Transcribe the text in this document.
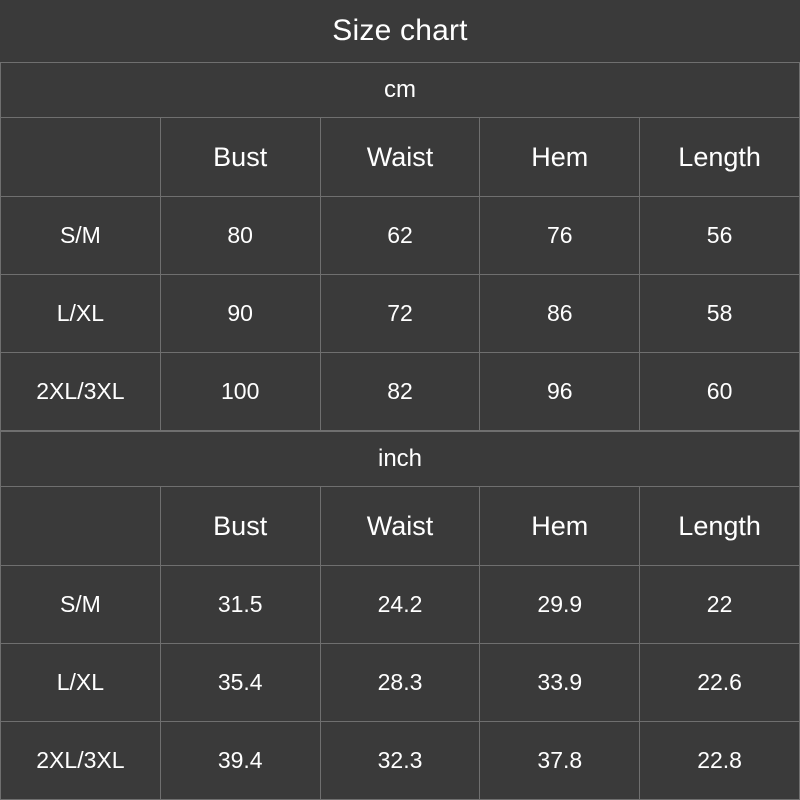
Size chart
cm				
	Bust	Waist	Hem	Length
S/M	80	62	76	56
L/XL	90	72	86	58
2XL/3XL	100	82	96	60
inch				
	Bust	Waist	Hem	Length
S/M	31.5	24.2	29.9	22
L/XL	35.4	28.3	33.9	22.6
2XL/3XL	39.4	32.3	37.8	22.8
